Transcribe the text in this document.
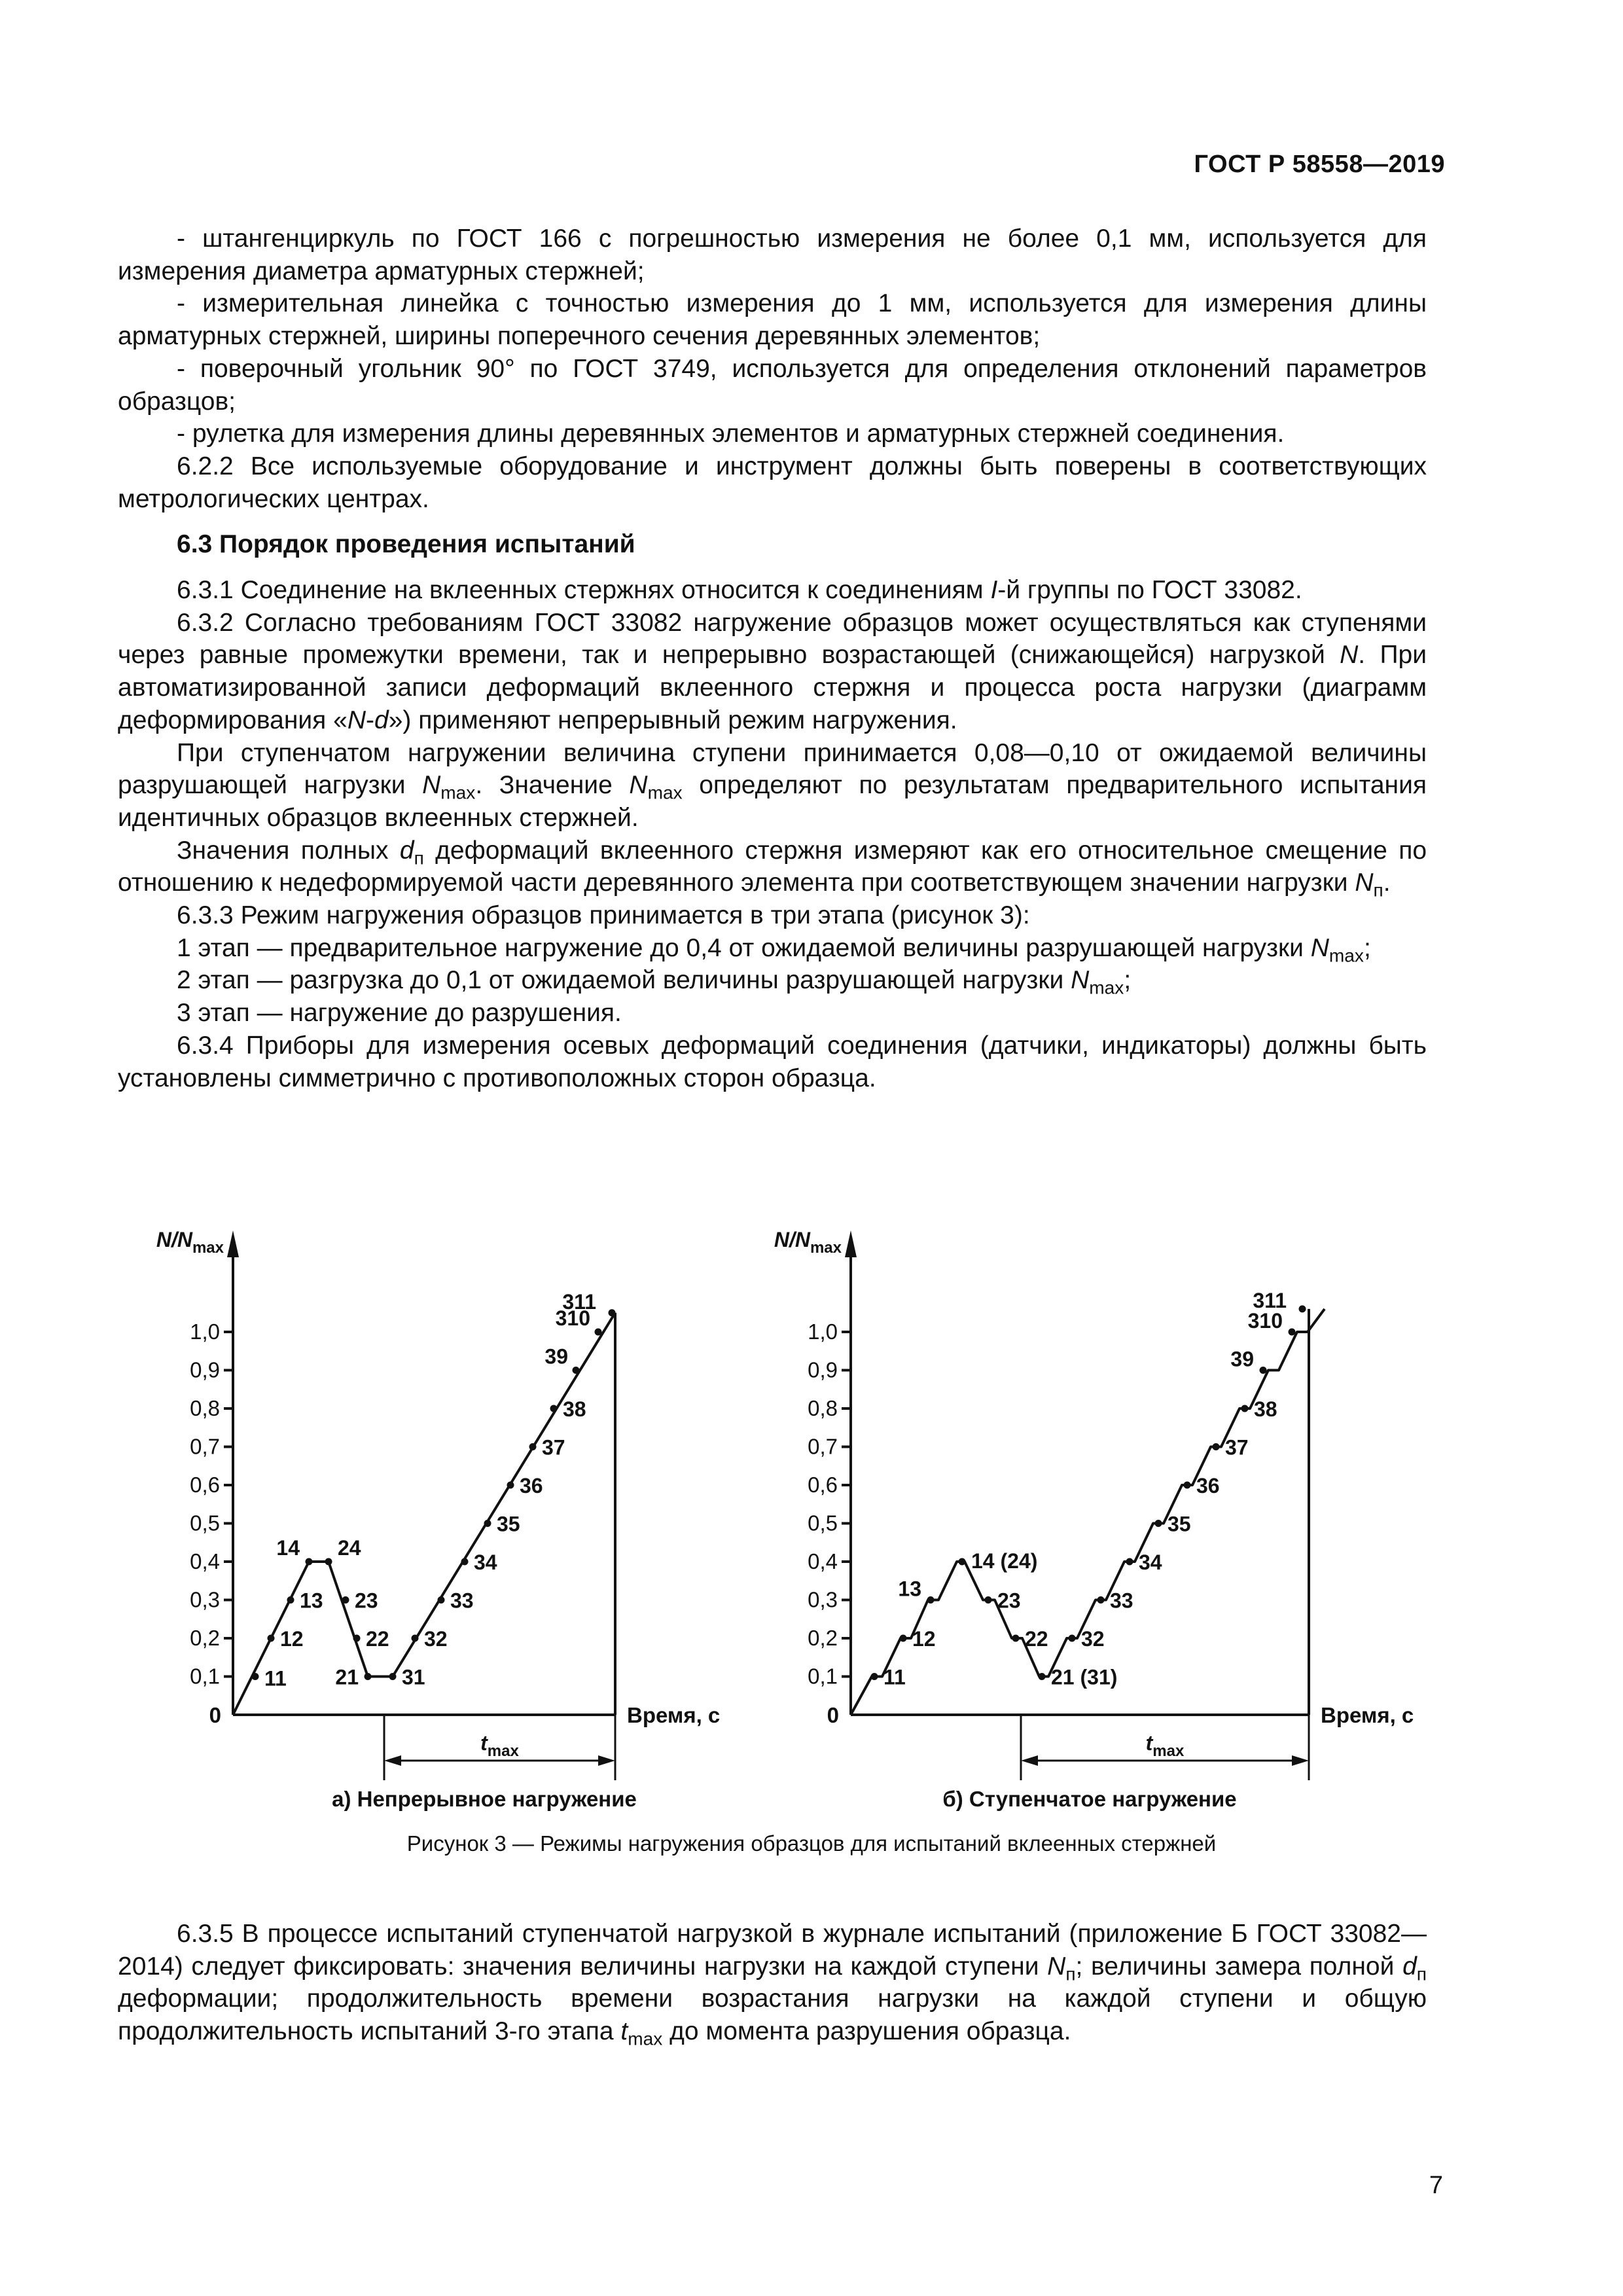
ГОСТ Р 58558—2019

- штангенциркуль по ГОСТ 166 с погрешностью измерения не более 0,1 мм, используется для измерения диаметра арматурных стержней;

- измерительная линейка с точностью измерения до 1 мм, используется для измерения длины арматурных стержней, ширины поперечного сечения деревянных элементов;

- поверочный угольник 90° по ГОСТ 3749, используется для определения отклонений параметров образцов;

- рулетка для измерения длины деревянных элементов и арматурных стержней соединения.

6.2.2 Все используемые оборудование и инструмент должны быть поверены в соответствующих метрологических центрах.

6.3 Порядок проведения испытаний

6.3.1 Соединение на вклеенных стержнях относится к соединениям I-й группы по ГОСТ 33082.

6.3.2 Согласно требованиям ГОСТ 33082 нагружение образцов может осуществляться как ступенями через равные промежутки времени, так и непрерывно возрастающей (снижающейся) нагрузкой N. При автоматизированной записи деформаций вклеенного стержня и процесса роста нагрузки (диаграмм деформирования «N-d») применяют непрерывный режим нагружения.

При ступенчатом нагружении величина ступени принимается 0,08—0,10 от ожидаемой величины разрушающей нагрузки $N_{max}$. Значение $N_{max}$ определяют по результатам предварительного испытания идентичных образцов вклеенных стержней.

Значения полных $d_п$ деформаций вклеенного стержня измеряют как его относительное смещение по отношению к недеформируемой части деревянного элемента при соответствующем значении нагрузки $N_п$.

6.3.3 Режим нагружения образцов принимается в три этапа (рисунок 3):

1 этап — предварительное нагружение до 0,4 от ожидаемой величины разрушающей нагрузки $N_{max}$;

2 этап — разгрузка до 0,1 от ожидаемой величины разрушающей нагрузки $N_{max}$;

3 этап — нагружение до разрушения.

6.3.4 Приборы для измерения осевых деформаций соединения (датчики, индикаторы) должны быть установлены симметрично с противоположных сторон образца.

0,1
0,2
0,3
0,4
0,5
0,6
0,7
0,8
0,9
1,0
0
$N/N_{max}$
Время, с
$t_{max}$
11
12
13
14 24
23
22
21 31
32
33
34
35
36
37
38
39
310
311
а) Непрерывное нагружение
0,1
0,2
0,3
0,4
0,5
0,6
0,7
0,8
0,9
1,0
0
$N/N_{max}$
Время, с
$t_{max}$
11
12
13
14 (24)
23
22
21 (31)
32
33
34
35
36
37
38
39
310
311
б) Ступенчатое нагружение
Рисунок 3 — Режимы нагружения образцов для испытаний вклеенных стержней

6.3.5 В процессе испытаний ступенчатой нагрузкой в журнале испытаний (приложение Б ГОСТ 33082—2014) следует фиксировать: значения величины нагрузки на каждой ступени $N_п$; величины замера полной $d_п$ деформации; продолжительность времени возрастания нагрузки на каждой ступени и общую продолжительность испытаний 3-го этапа $t_{max}$ до момента разрушения образца.

7
